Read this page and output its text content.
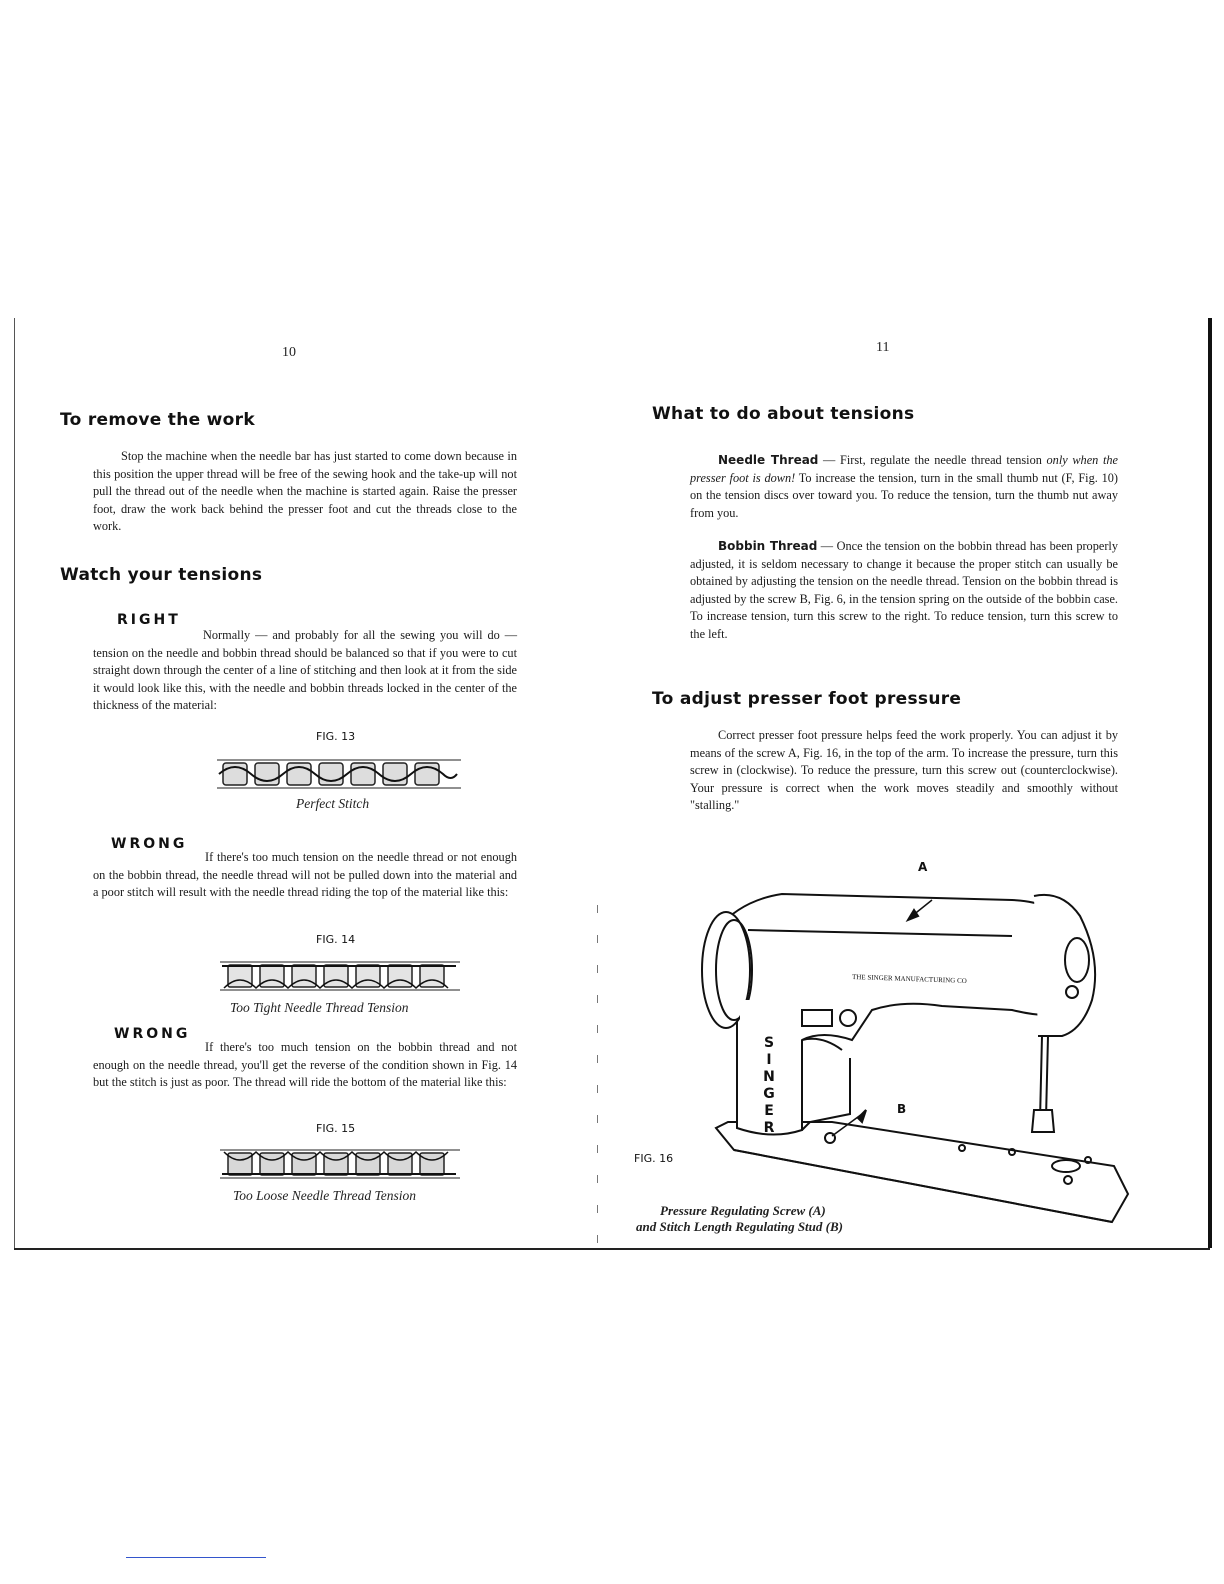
10
To remove the work

Stop the machine when the needle bar has just started to come down because in this position the upper thread will be free of the sewing hook and the take-up will not pull the thread out of the needle when the machine is started again. Raise the presser foot, draw the work back behind the presser foot and cut the threads close to the work.

Watch your tensions
RIGHT

Normally — and probably for all the sewing you will do — tension on the needle and bobbin thread should be balanced so that if you were to cut straight down through the center of a line of stitching and then look at it from the side it would look like this, with the needle and bobbin threads locked in the center of the thickness of the material:

FIG. 13
Perfect Stitch
WRONG

If there's too much tension on the needle thread or not enough on the bobbin thread, the needle thread will not be pulled down into the material and a poor stitch will result with the needle thread riding the top of the material like this:

FIG. 14
Too Tight Needle Thread Tension
WRONG

If there's too much tension on the bobbin thread and not enough on the needle thread, you'll get the reverse of the condition shown in Fig. 14 but the stitch is just as poor. The thread will ride the bottom of the material like this:

FIG. 15
Too Loose Needle Thread Tension
11
What to do about tensions

Needle Thread — First, regulate the needle thread tension only when the presser foot is down! To increase the tension, turn in the small thumb nut (F, Fig. 10) on the tension discs over toward you. To reduce the tension, turn the thumb nut away from you.

Bobbin Thread — Once the tension on the bobbin thread has been properly adjusted, it is seldom necessary to change it because the proper stitch can usually be obtained by adjusting the tension on the needle thread. Tension on the bobbin thread is adjusted by the screw B, Fig. 6, in the tension spring on the outside of the bobbin case. To increase tension, turn this screw to the right. To reduce tension, turn this screw to the left.

To adjust presser foot pressure

Correct presser foot pressure helps feed the work properly. You can adjust it by means of the screw A, Fig. 16, in the top of the arm. To increase the pressure, turn this screw in (clockwise). To reduce the pressure, turn this screw out (counterclockwise). Your pressure is correct when the work moves steadily and smoothly without "stalling."

FIG. 16
A
B
THE SINGER MANUFACTURING CO
S
I
N
G
E
R
Pressure Regulating Screw (A)
and Stitch Length Regulating Stud (B)
